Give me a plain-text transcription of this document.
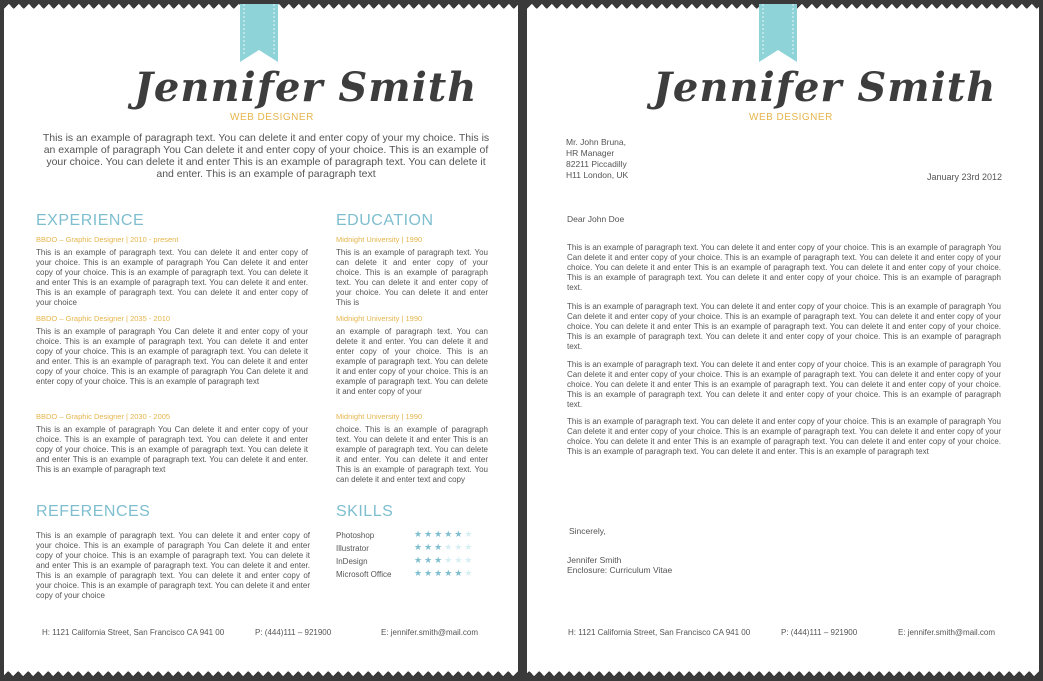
Jennifer Smith
WEB DESIGNER
This is an example of paragraph text. You can delete it and enter copy of your my choice. This is an example of paragraph You Can delete it and enter copy of your choice. This is an example of your choice. You can delete it and enter This is an example of paragraph text. You can delete it and enter. This is an example of paragraph text
EXPERIENCE
BBDO – Graphic Designer | 2010 - present
This is an example of paragraph text. You can delete it and enter copy of your choice. This is an example of paragraph You Can delete it and enter copy of your choice. This is an example of paragraph text. You can delete it and enter This is an example of paragraph text. You can delete it and enter. This is an example of paragraph text. You can delete it and enter copy of your choice
BBDO – Graphic Designer | 2035 - 2010
This is an example of paragraph You Can delete it and enter copy of your choice. This is an example of paragraph text. You can delete it and enter copy of your choice. This is an example of paragraph text. You can delete it and enter. This is an example of paragraph text. You can delete it and enter copy of your choice. This is an example of paragraph You Can delete it and enter copy of your choice. This is an example of paragraph text
BBDO – Graphic Designer | 2030 - 2005
This is an example of paragraph You Can delete it and enter copy of your choice. This is an example of paragraph text. You can delete it and enter copy of your choice. This is an example of paragraph text. You can delete it and enter This is an example of paragraph text. You can delete it and enter. This is an example of paragraph text
EDUCATION
Midnight University | 1990
This is an example of paragraph text. You can delete it and enter copy of your choice. This is an example of paragraph text. You can delete it and enter copy of your choice. You can delete it and enter This is
Midnight University | 1990
an example of paragraph text. You can delete it and enter. You can delete it and enter copy of your choice. This is an example of paragraph text. You can delete it and enter copy of your choice. This is an example of paragraph text. You can delete it and enter copy of your
Midnight University | 1990
choice. This is an example of paragraph text. You can delete it and enter This is an example of paragraph text. You can delete it and enter. You can delete it and enter This is an example of paragraph text. You can delete it and enter text and copy
REFERENCES
This is an example of paragraph text. You can delete it and enter copy of your choice. This is an example of paragraph You Can delete it and enter copy of your choice. This is an example of paragraph text. You can delete it and enter This is an example of paragraph text. You can delete it and enter. This is an example of paragraph text. You can delete it and enter copy of your choice. This is an example of paragraph text. You can delete it and enter copy of your choice
SKILLS
Photoshop	★★★★★★
Illustrator	★★★★★★
InDesign	★★★★★★
Microsoft Office	★★★★★★
H: 1121 California Street, San Francisco CA 941 00	P: (444)111 – 921900	E: jennifer.smith@mail.com
Jennifer Smith
WEB DESIGNER
Mr. John Bruna,
HR Manager
82211 Piccadilly
H11 London, UK	January 23rd 2012
Dear John Doe
This is an example of paragraph text. You can delete it and enter copy of your choice. This is an example of paragraph You Can delete it and enter copy of your choice. This is an example of paragraph text. You can delete it and enter copy of your choice. You can delete it and enter This is an example of paragraph text. You can delete it and enter copy of your choice. This is an example of paragraph text. You can delete it and enter copy of your choice. This is an example of paragraph text.
This is an example of paragraph text. You can delete it and enter copy of your choice. This is an example of paragraph You Can delete it and enter copy of your choice. This is an example of paragraph text. You can delete it and enter copy of your choice. You can delete it and enter This is an example of paragraph text. You can delete it and enter copy of your choice. This is an example of paragraph text. You can delete it and enter copy of your choice. This is an example of paragraph text.
This is an example of paragraph text. You can delete it and enter copy of your choice. This is an example of paragraph You Can delete it and enter copy of your choice. This is an example of paragraph text. You can delete it and enter copy of your choice. You can delete it and enter This is an example of paragraph text. You can delete it and enter copy of your choice. This is an example of paragraph text. You can delete it and enter copy of your choice. This is an example of paragraph text.
This is an example of paragraph text. You can delete it and enter copy of your choice. This is an example of paragraph You Can delete it and enter copy of your choice. This is an example of paragraph text. You can delete it and enter copy of your choice. You can delete it and enter This is an example of paragraph text. You can delete it and enter copy of your choice. This is an example of paragraph text. You can delete it and enter. This is an example of paragraph text
Sincerely,
Jennifer Smith
Enclosure: Curriculum Vitae
H: 1121 California Street, San Francisco CA 941 00	P: (444)111 – 921900	E: jennifer.smith@mail.com
